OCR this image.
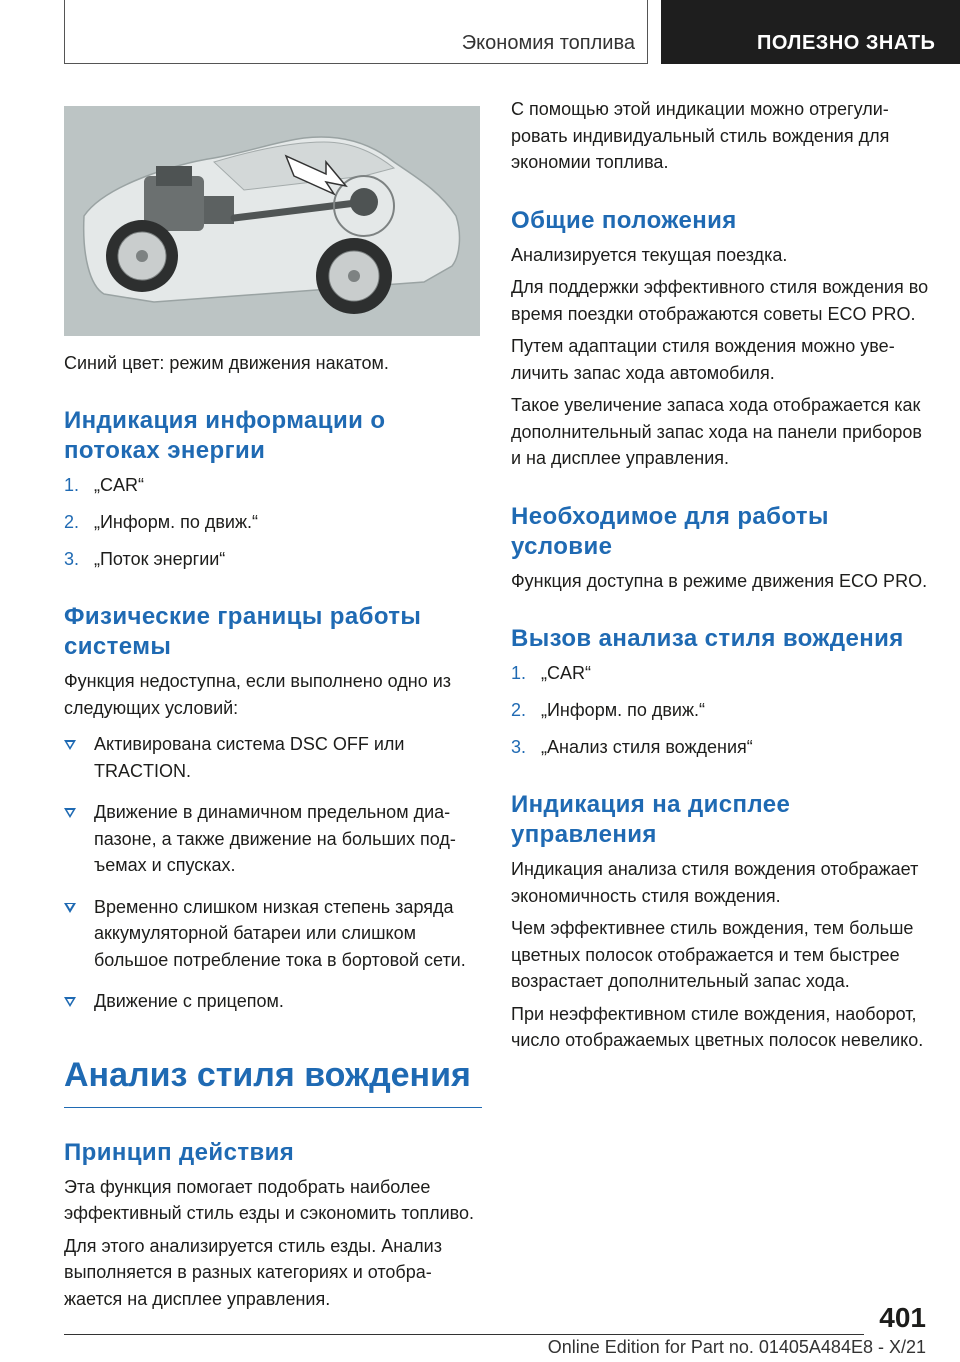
Экономия топлива	ПОЛЕЗНО ЗНАТЬ

Синий цвет: режим движения накатом.

Индикация информации о потоках энергии
1. „CAR“
2. „Информ. по движ.“
3. „Поток энергии“
Физические границы работы системы

Функция недоступна, если выполнено одно из следующих условий:

Активирована система DSC OFF или TRACTION.
Движение в динамичном предельном диапазоне, а также движение на больших подъемах и спусках.
Временно слишком низкая степень заряда аккумуляторной батареи или слишком большое потребление тока в бортовой сети.
Движение с прицепом.
Анализ стиля вождения
Принцип действия

Эта функция помогает подобрать наиболее эффективный стиль езды и сэкономить топливо.

Для этого анализируется стиль езды. Анализ выполняется в разных категориях и отображается на дисплее управления.

С помощью этой индикации можно отрегулировать индивидуальный стиль вождения для экономии топлива.

Общие положения

Анализируется текущая поездка.

Для поддержки эффективного стиля вождения во время поездки отображаются советы ECO PRO.

Путем адаптации стиля вождения можно увеличить запас хода автомобиля.

Такое увеличение запаса хода отображается как дополнительный запас хода на панели приборов и на дисплее управления.

Необходимое для работы условие

Функция доступна в режиме движения ECO PRO.

Вызов анализа стиля вождения
1. „CAR“
2. „Информ. по движ.“
3. „Анализ стиля вождения“
Индикация на дисплее управления

Индикация анализа стиля вождения отображает экономичность стиля вождения.

Чем эффективнее стиль вождения, тем больше цветных полосок отображается и тем быстрее возрастает дополнительный запас хода.

При неэффективном стиле вождения, наоборот, число отображаемых цветных полосок невелико.

401
Online Edition for Part no. 01405A484E8 - X/21
